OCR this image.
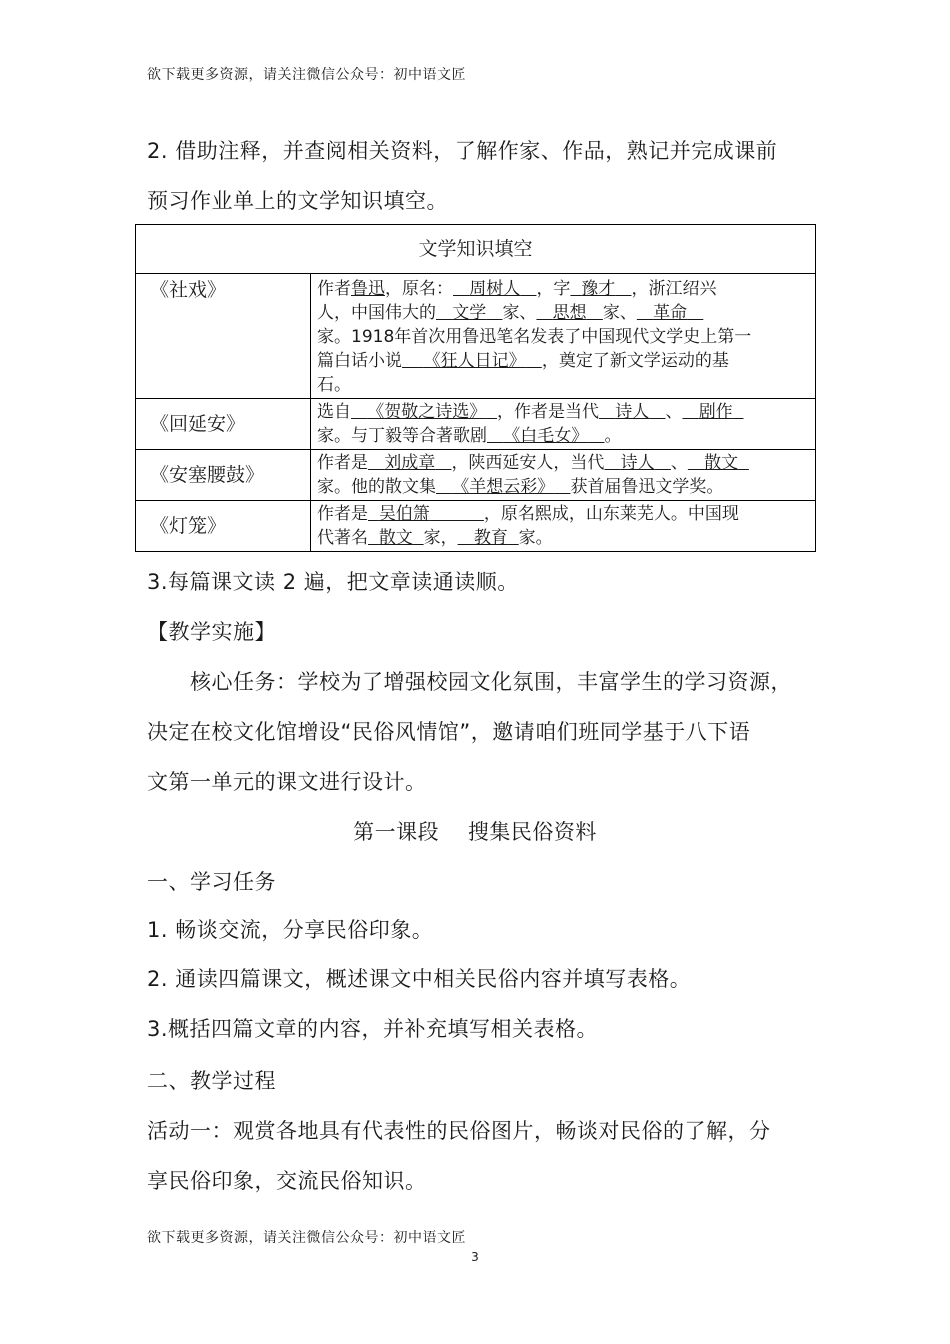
欲下载更多资源，请关注微信公众号：初中语文匠
2. 借助注释，并查阅相关资料，了解作家、作品，熟记并完成课前
预习作业单上的文学知识填空。
文学知识填空	
《社戏》	作者鲁迅，原名： 周树人 ，字 豫才 ，浙江绍兴
人，中国伟大的 文学 家、 思想 家、 革命
家。1918年首次用鲁迅笔名发表了中国现代文学史上第一
篇白话小说 《狂人日记》 ，奠定了新文学运动的基
石。

《回延安》	选自 《贺敬之诗选》 ，作者是当代 诗人 、 剧作
家。与丁毅等合著歌剧 《白毛女》 。

《安塞腰鼓》	作者是 刘成章 ，陕西延安人，当代 诗人 、 散文
家。他的散文集 《羊想云彩》 获首届鲁迅文学奖。

《灯笼》	作者是 吴伯箫 ，原名熙成，山东莱芜人。中国现
代著名 散文 家， 教育 家。
3.每篇课文读 2 遍，把文章读通读顺。
【教学实施】
核心任务：学校为了增强校园文化氛围，丰富学生的学习资源，
决定在校文化馆增设“民俗风情馆”，邀请咱们班同学基于八下语
文第一单元的课文进行设计。
第一课段    搜集民俗资料
一、学习任务
1. 畅谈交流，分享民俗印象。
2. 通读四篇课文，概述课文中相关民俗内容并填写表格。
3.概括四篇文章的内容，并补充填写相关表格。
二、教学过程
活动一：观赏各地具有代表性的民俗图片，畅谈对民俗的了解，分
享民俗印象，交流民俗知识。
欲下载更多资源，请关注微信公众号：初中语文匠
3
